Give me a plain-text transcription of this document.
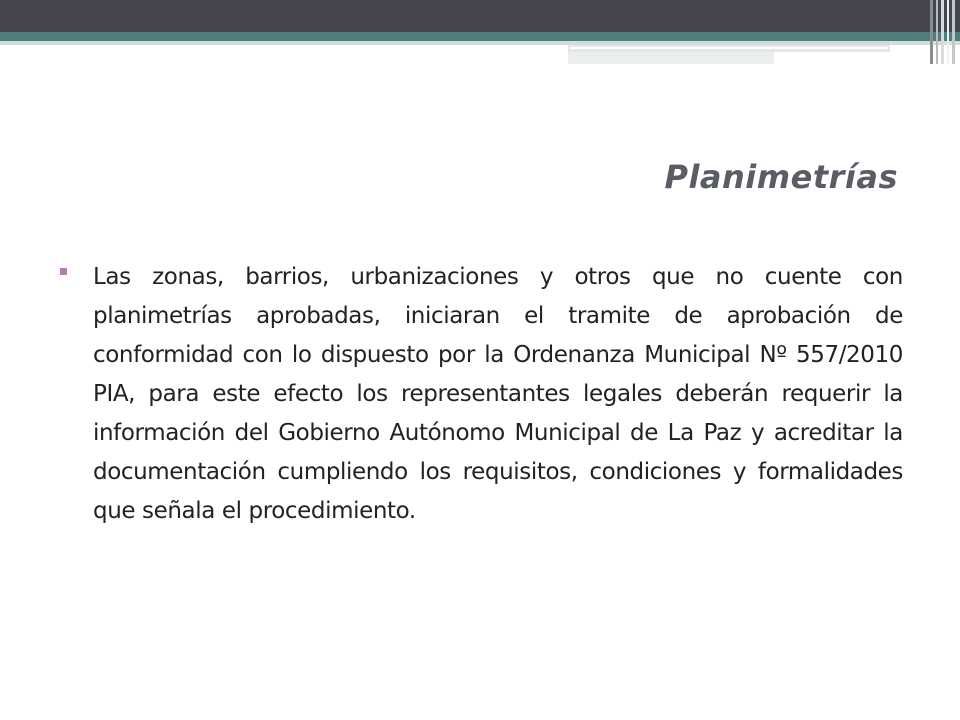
Planimetrías

Las zonas, barrios, urbanizaciones y otros que no cuente con planimetrías aprobadas, iniciaran el tramite de aprobación de conformidad con lo dispuesto por la Ordenanza Municipal Nº 557/2010 PIA, para este efecto los representantes legales deberán requerir la información del Gobierno Autónomo Municipal de La Paz y acreditar la documentación cumpliendo los requisitos, condiciones y formalidades que señala el procedimiento.
